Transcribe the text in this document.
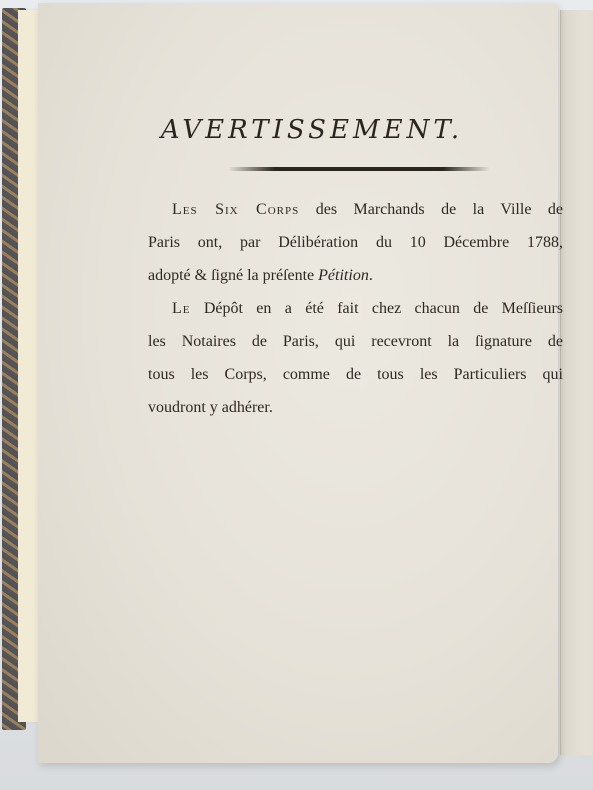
AVERTISSEMENT.
Les Six Corps des Marchands de la Ville de
Paris ont, par Délibération du 10 Décembre 1788,
adopté & ſigné la préſente Pétition.
Le Dépôt en a été fait chez chacun de Meſſieurs
les Notaires de Paris, qui recevront la ſignature de
tous les Corps, comme de tous les Particuliers qui
voudront y adhérer.
